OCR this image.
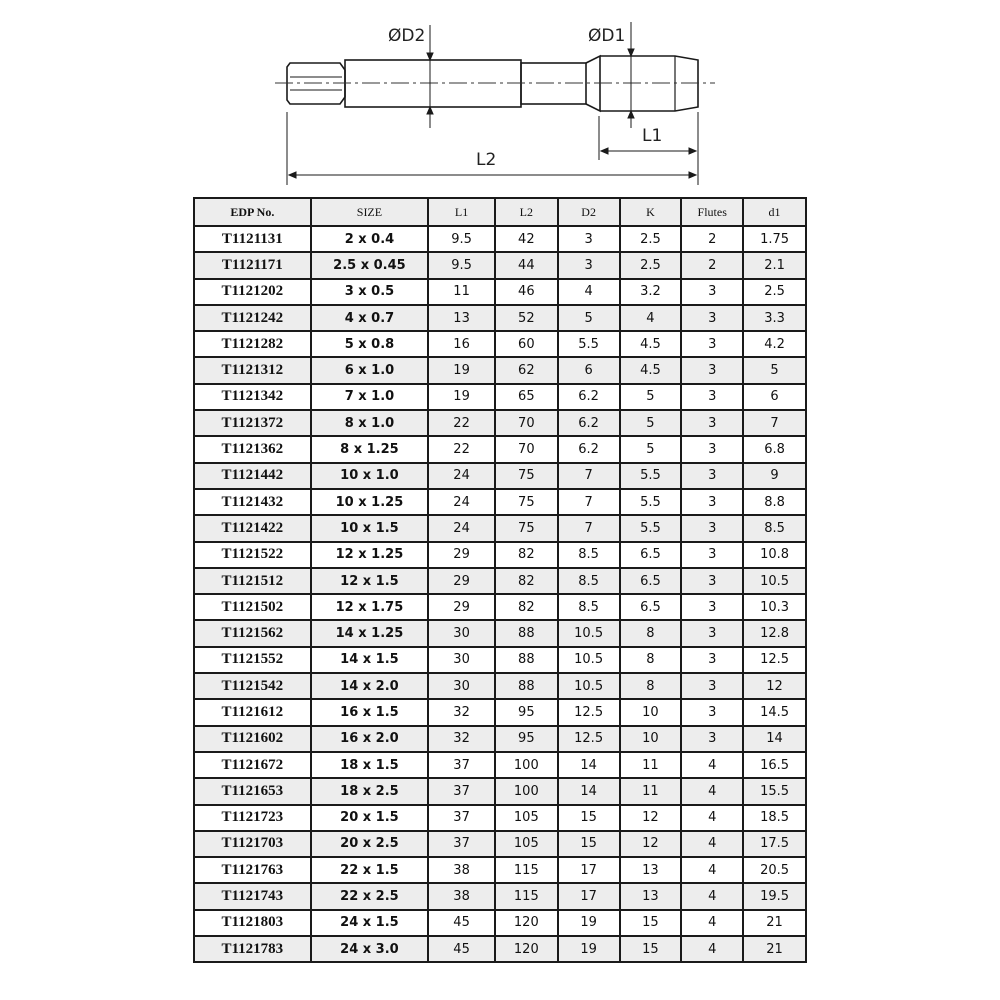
ØD2	ØD1
L1
L2
EDP No.	SIZE	L1	L2	D2	K	Flutes	d1
T1121131	2 x 0.4	9.5	42	3	2.5	2	1.75
T1121171	2.5 x 0.45	9.5	44	3	2.5	2	2.1
T1121202	3 x 0.5	11	46	4	3.2	3	2.5
T1121242	4 x 0.7	13	52	5	4	3	3.3
T1121282	5 x 0.8	16	60	5.5	4.5	3	4.2
T1121312	6 x 1.0	19	62	6	4.5	3	5
T1121342	7 x 1.0	19	65	6.2	5	3	6
T1121372	8 x 1.0	22	70	6.2	5	3	7
T1121362	8 x 1.25	22	70	6.2	5	3	6.8
T1121442	10 x 1.0	24	75	7	5.5	3	9
T1121432	10 x 1.25	24	75	7	5.5	3	8.8
T1121422	10 x 1.5	24	75	7	5.5	3	8.5
T1121522	12 x 1.25	29	82	8.5	6.5	3	10.8
T1121512	12 x 1.5	29	82	8.5	6.5	3	10.5
T1121502	12 x 1.75	29	82	8.5	6.5	3	10.3
T1121562	14 x 1.25	30	88	10.5	8	3	12.8
T1121552	14 x 1.5	30	88	10.5	8	3	12.5
T1121542	14 x 2.0	30	88	10.5	8	3	12
T1121612	16 x 1.5	32	95	12.5	10	3	14.5
T1121602	16 x 2.0	32	95	12.5	10	3	14
T1121672	18 x 1.5	37	100	14	11	4	16.5
T1121653	18 x 2.5	37	100	14	11	4	15.5
T1121723	20 x 1.5	37	105	15	12	4	18.5
T1121703	20 x 2.5	37	105	15	12	4	17.5
T1121763	22 x 1.5	38	115	17	13	4	20.5
T1121743	22 x 2.5	38	115	17	13	4	19.5
T1121803	24 x 1.5	45	120	19	15	4	21
T1121783	24 x 3.0	45	120	19	15	4	21
